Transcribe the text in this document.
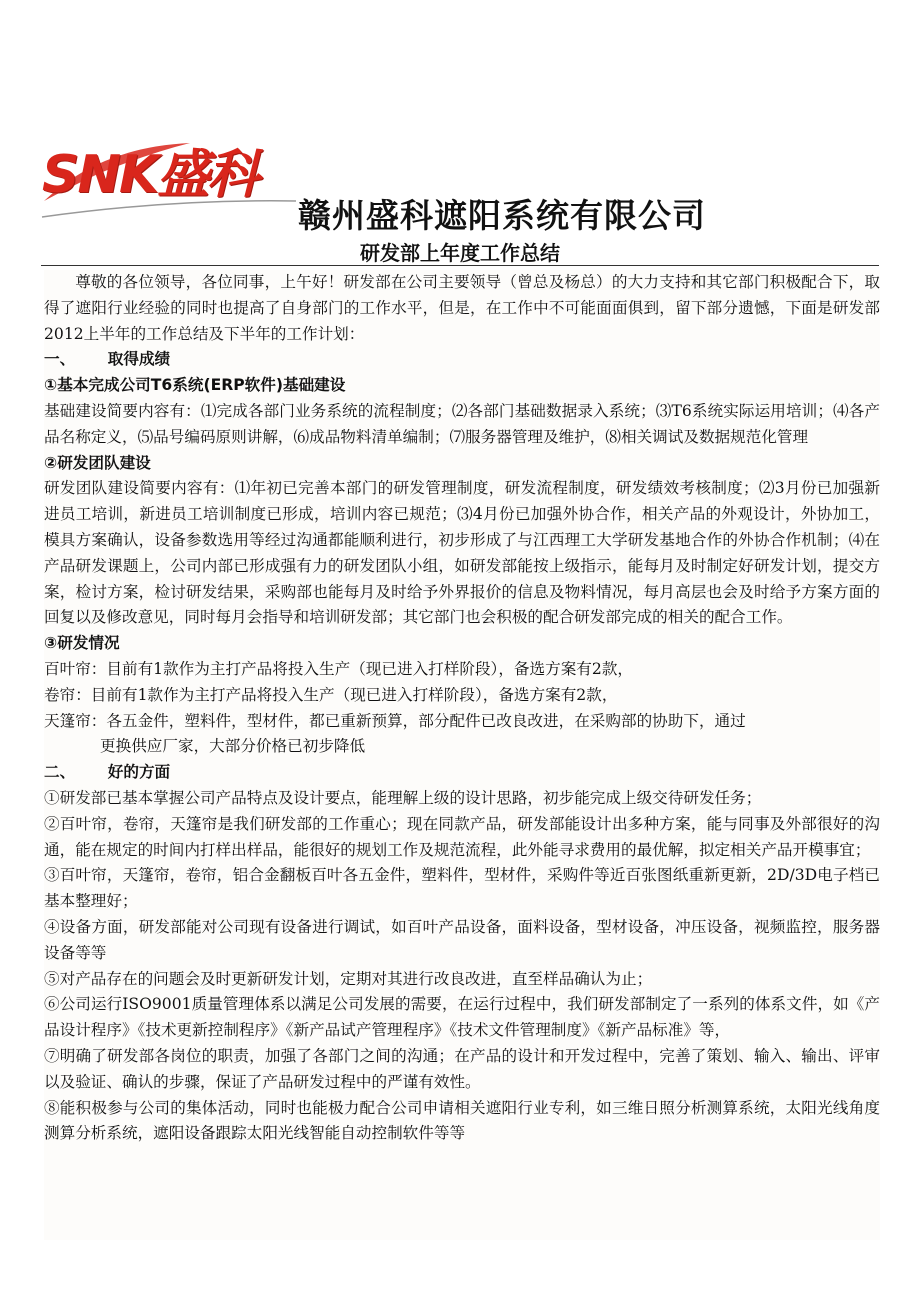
SNK盛科
赣州盛科遮阳系统有限公司
研发部上年度工作总结

尊敬的各位领导，各位同事，上午好！研发部在公司主要领导（曾总及杨总）的大力支持和其它部门积极配合下，取得了遮阳行业经验的同时也提高了自身部门的工作水平，但是，在工作中不可能面面俱到，留下部分遗憾，下面是研发部2012上半年的工作总结及下半年的工作计划：

一、      取得成绩

①基本完成公司T6系统(ERP软件)基础建设

基础建设简要内容有：⑴完成各部门业务系统的流程制度；⑵各部门基础数据录入系统；⑶T6系统实际运用培训；⑷各产品名称定义，⑸品号编码原则讲解，⑹成品物料清单编制；⑺服务器管理及维护，⑻相关调试及数据规范化管理

②研发团队建设

研发团队建设简要内容有：⑴年初已完善本部门的研发管理制度，研发流程制度，研发绩效考核制度；⑵3月份已加强新进员工培训，新进员工培训制度已形成，培训内容已规范；⑶4月份已加强外协合作，相关产品的外观设计，外协加工，模具方案确认，设备参数选用等经过沟通都能顺利进行，初步形成了与江西理工大学研发基地合作的外协合作机制；⑷在产品研发课题上，公司内部已形成强有力的研发团队小组，如研发部能按上级指示，能每月及时制定好研发计划，提交方案，检讨方案，检讨研发结果，采购部也能每月及时给予外界报价的信息及物料情况，每月高层也会及时给予方案方面的回复以及修改意见，同时每月会指导和培训研发部；其它部门也会积极的配合研发部完成的相关的配合工作。

③研发情况

百叶帘：目前有1款作为主打产品将投入生产（现已进入打样阶段），备选方案有2款，

卷帘：目前有1款作为主打产品将投入生产（现已进入打样阶段），备选方案有2款，

天篷帘：各五金件，塑料件，型材件，都已重新预算，部分配件已改良改进，在采购部的协助下，通过

更换供应厂家，大部分价格已初步降低

二、      好的方面

①研发部已基本掌握公司产品特点及设计要点，能理解上级的设计思路，初步能完成上级交待研发任务；

②百叶帘，卷帘，天篷帘是我们研发部的工作重心；现在同款产品，研发部能设计出多种方案，能与同事及外部很好的沟通，能在规定的时间内打样出样品，能很好的规划工作及规范流程，此外能寻求费用的最优解，拟定相关产品开模事宜；

③百叶帘，天篷帘，卷帘，铝合金翻板百叶各五金件，塑料件，型材件，采购件等近百张图纸重新更新，2D/3D电子档已基本整理好；

④设备方面，研发部能对公司现有设备进行调试，如百叶产品设备，面料设备，型材设备，冲压设备，视频监控，服务器设备等等

⑤对产品存在的问题会及时更新研发计划，定期对其进行改良改进，直至样品确认为止；

⑥公司运行ISO9001质量管理体系以满足公司发展的需要，在运行过程中，我们研发部制定了一系列的体系文件，如《产品设计程序》《技术更新控制程序》《新产品试产管理程序》《技术文件管理制度》《新产品标准》等，

⑦明确了研发部各岗位的职责，加强了各部门之间的沟通；在产品的设计和开发过程中，完善了策划、输入、输出、评审以及验证、确认的步骤，保证了产品研发过程中的严谨有效性。

⑧能积极参与公司的集体活动，同时也能极力配合公司申请相关遮阳行业专利，如三维日照分析测算系统，太阳光线角度测算分析系统，遮阳设备跟踪太阳光线智能自动控制软件等等
